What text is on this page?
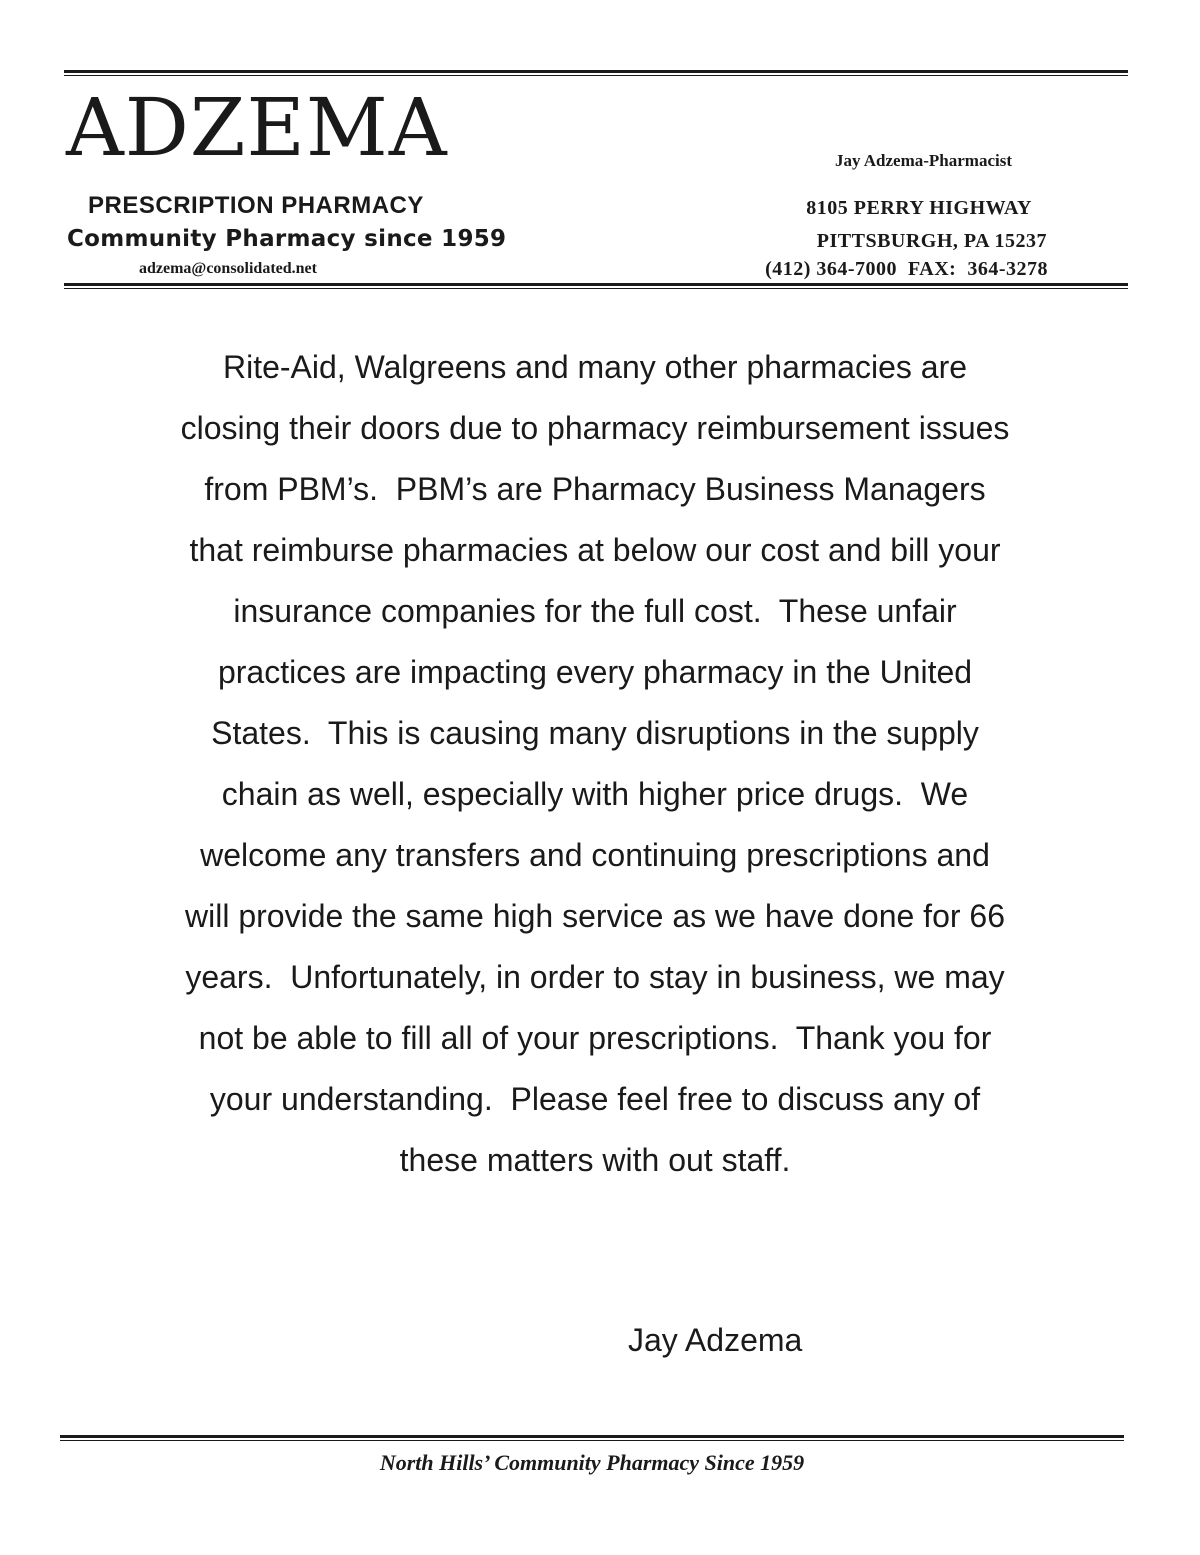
ADZEMA
PRESCRIPTION PHARMACY
Community Pharmacy since 1959
adzema@consolidated.net
Jay Adzema-Pharmacist
8105 PERRY HIGHWAY
PITTSBURGH, PA 15237
(412) 364-7000  FAX:  364-3278
Rite-Aid, Walgreens and many other pharmacies are
closing their doors due to pharmacy reimbursement issues
from PBM’s.  PBM’s are Pharmacy Business Managers
that reimburse pharmacies at below our cost and bill your
insurance companies for the full cost.  These unfair
practices are impacting every pharmacy in the United
States.  This is causing many disruptions in the supply
chain as well, especially with higher price drugs.  We
welcome any transfers and continuing prescriptions and
will provide the same high service as we have done for 66
years.  Unfortunately, in order to stay in business, we may
not be able to fill all of your prescriptions.  Thank you for
your understanding.  Please feel free to discuss any of
these matters with out staff.
Jay Adzema
North Hills’ Community Pharmacy Since 1959
